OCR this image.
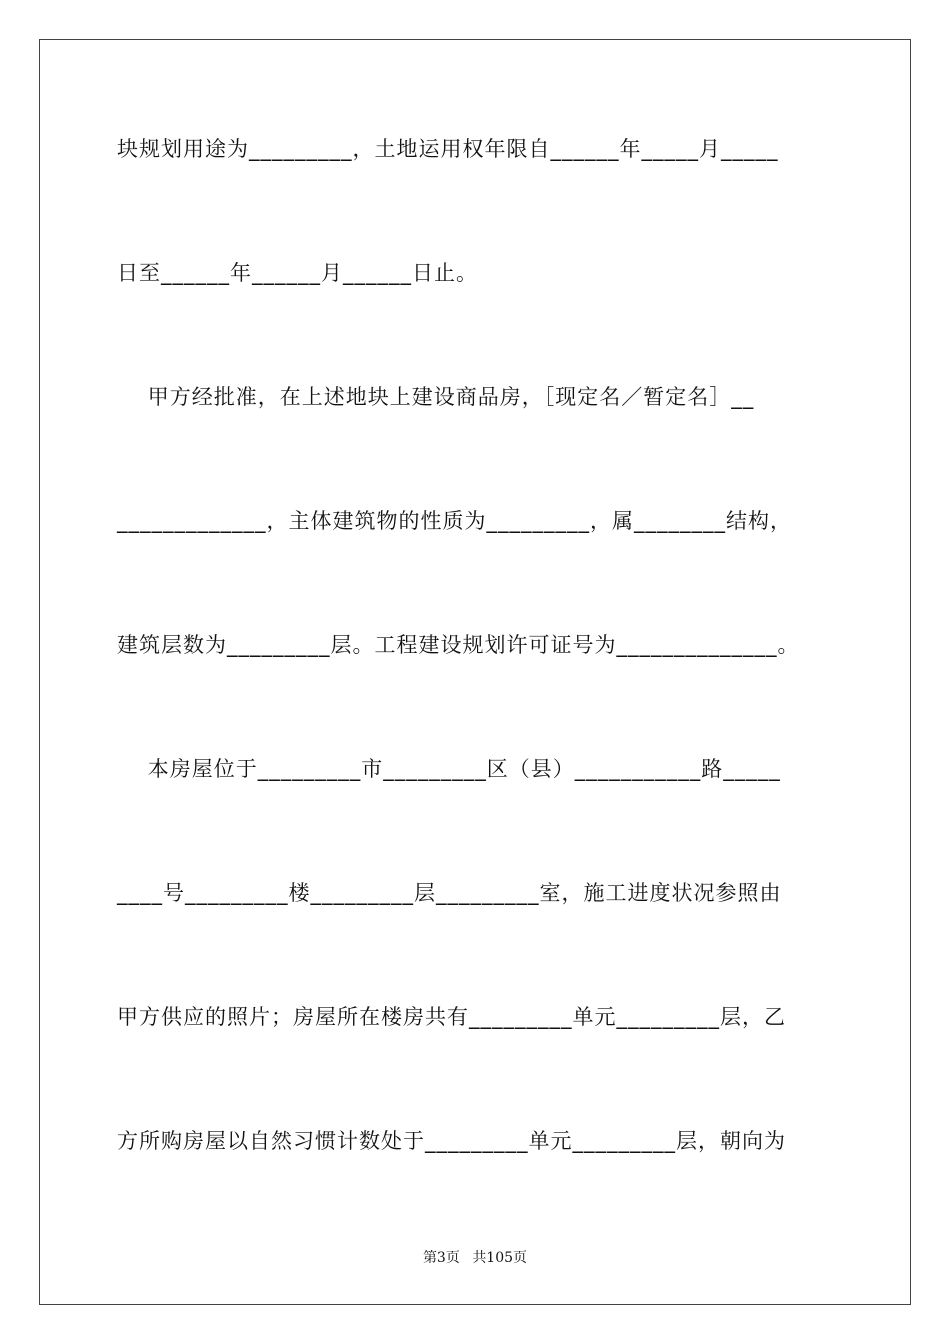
块规划用途为_________，土地运用权年限自______年_____月_____
日至______年______月______日止。
甲方经批准，在上述地块上建设商品房，［现定名／暂定名］__
_____________，主体建筑物的性质为_________，属________结构，
建筑层数为_________层。工程建设规划许可证号为______________。
本房屋位于_________市_________区（县）___________路_____
____号_________楼_________层_________室，施工进度状况参照由
甲方供应的照片；房屋所在楼房共有_________单元_________层，乙
方所购房屋以自然习惯计数处于_________单元_________层，朝向为
第3页 共105页
